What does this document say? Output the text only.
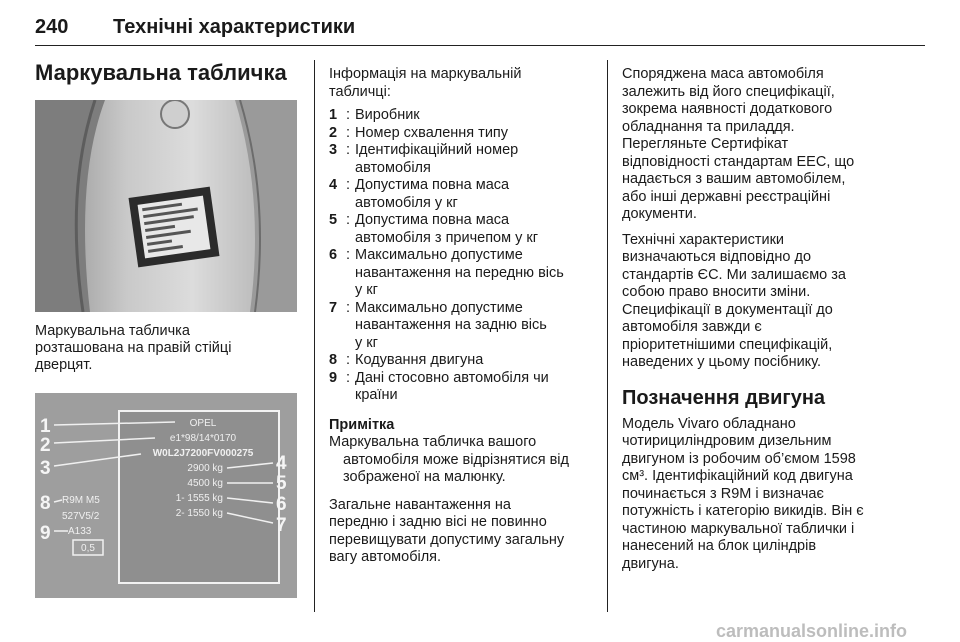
240 Технічні характеристики
Маркувальна табличка
Маркувальна табличка
розташована на правій стійці
дверцят.
OPEL
e1*98/14*0170
W0L2J7200FV000275
2900 kg
4500 kg
1- 1555 kg
2- 1550 kg
R9M M5
527V5/2
A133
0,5
1
2
3	4
5
6
7
8
9
Інформація на маркувальній
табличці:
1 : Виробник
2 : Номер схвалення типу
3 : Ідентифікаційний номер
автомобіля
4 : Допустима повна маса
автомобіля у кг
5 : Допустима повна маса
автомобіля з причепом у кг
6 : Максимально допустиме
навантаження на передню вісь
у кг
7 : Максимально допустиме
навантаження на задню вісь
у кг
8 : Кодування двигуна
9 : Дані стосовно автомобіля чи
країни
Примітка
Маркувальна табличка вашого
автомобіля може відрізнятися від
зображеної на малюнку.
Загальне навантаження на
передню і задню вісі не повинно
перевищувати допустиму загальну
вагу автомобіля.
Споряджена маса автомобіля
залежить від його специфікації,
зокрема наявності додаткового
обладнання та приладдя.
Перегляньте Сертифікат
відповідності стандартам ЕЕС, що
надається з вашим автомобілем,
або інші державні реєстраційні
документи.
Технічні характеристики
визначаються відповідно до
стандартів ЄС. Ми залишаємо за
собою право вносити зміни.
Специфікації в документації до
автомобіля завжди є
пріоритетнішими специфікацій,
наведених у цьому посібнику.
Позначення двигуна
Модель Vivaro обладнано
чотирициліндровим дизельним
двигуном із робочим об’ємом 1598
см³. Ідентифікаційний код двигуна
починається з R9M і визначає
потужність і категорію викидів. Він є
частиною маркувальної таблички і
нанесений на блок циліндрів
двигуна.
carmanualsonline.info
